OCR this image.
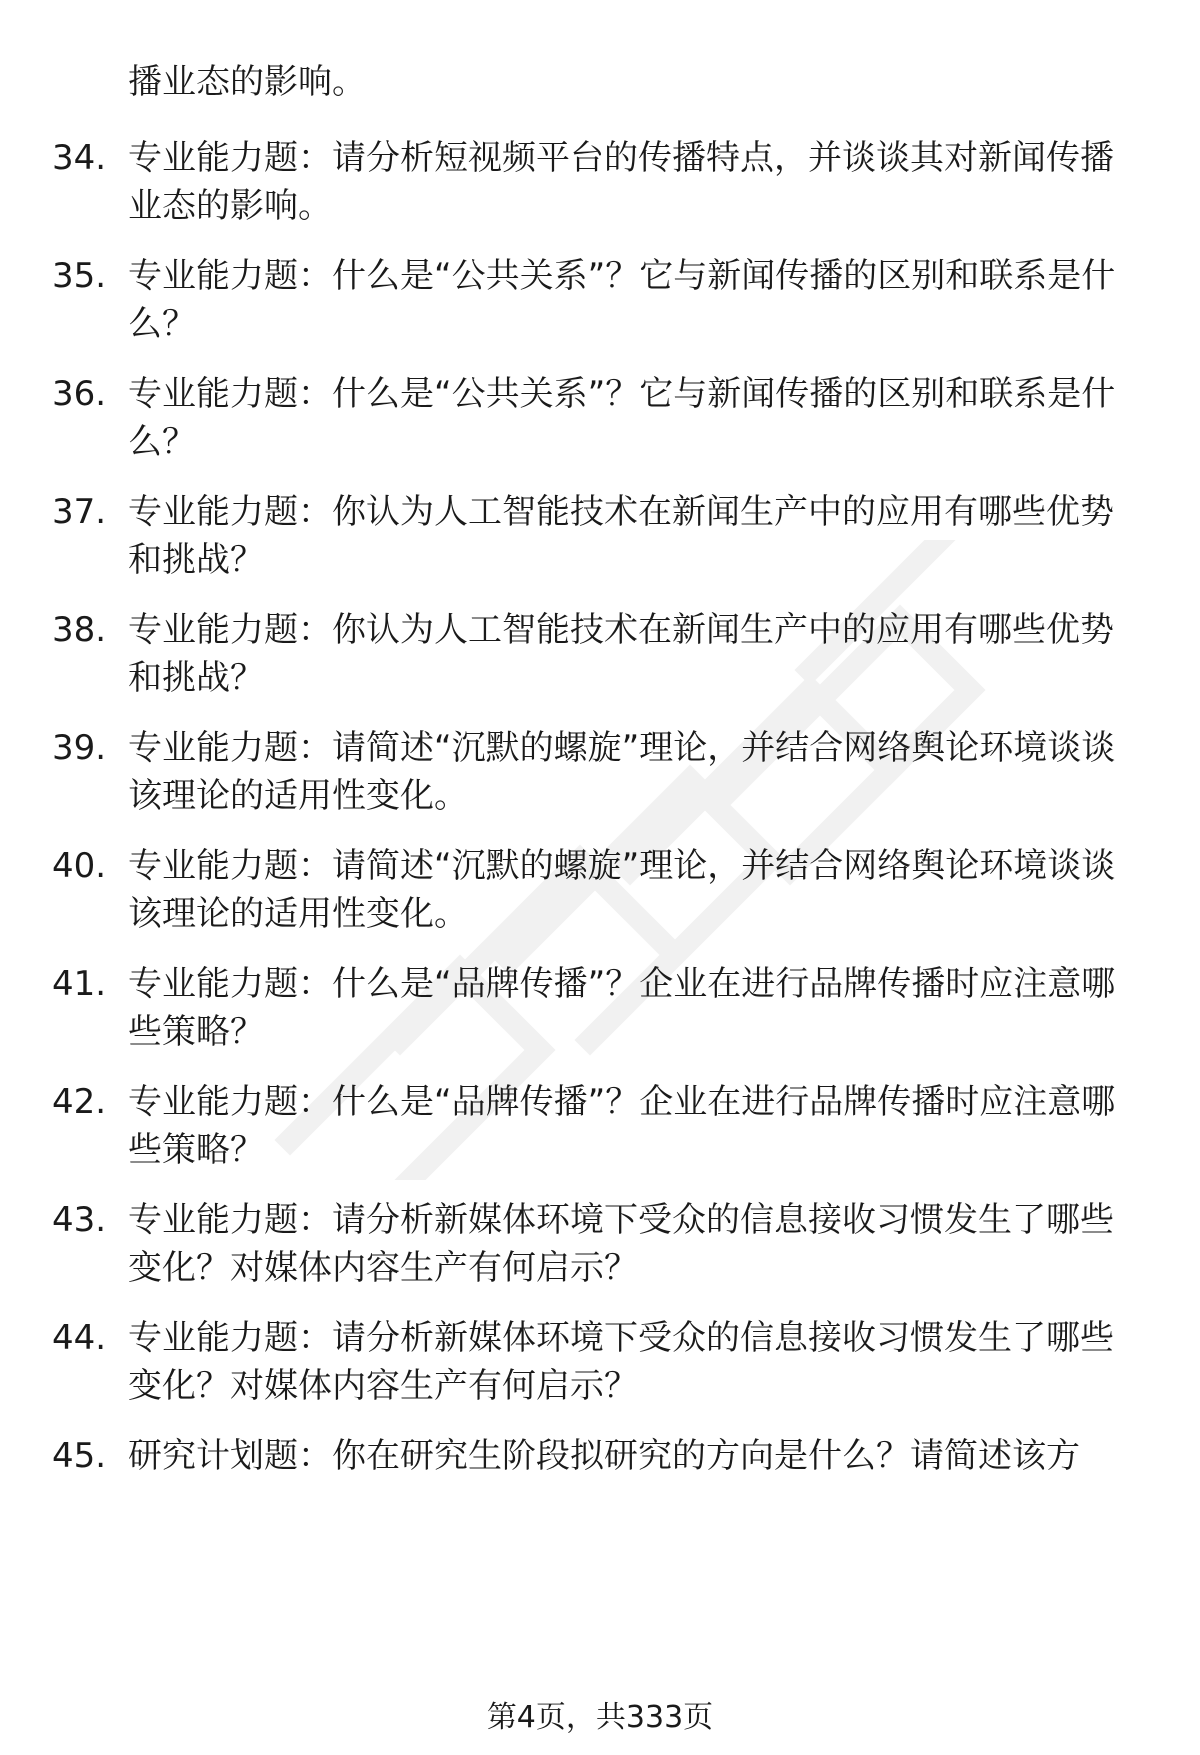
播业态的影响。
34. 专业能力题：请分析短视频平台的传播特点，并谈谈其对新闻传播业态的影响。
35. 专业能力题：什么是“公共关系”？它与新闻传播的区别和联系是什么？
36. 专业能力题：什么是“公共关系”？它与新闻传播的区别和联系是什么？
37. 专业能力题：你认为人工智能技术在新闻生产中的应用有哪些优势和挑战？
38. 专业能力题：你认为人工智能技术在新闻生产中的应用有哪些优势和挑战？
39. 专业能力题：请简述“沉默的螺旋”理论，并结合网络舆论环境谈谈该理论的适用性变化。
40. 专业能力题：请简述“沉默的螺旋”理论，并结合网络舆论环境谈谈该理论的适用性变化。
41. 专业能力题：什么是“品牌传播”？企业在进行品牌传播时应注意哪些策略？
42. 专业能力题：什么是“品牌传播”？企业在进行品牌传播时应注意哪些策略？
43. 专业能力题：请分析新媒体环境下受众的信息接收习惯发生了哪些变化？对媒体内容生产有何启示？
44. 专业能力题：请分析新媒体环境下受众的信息接收习惯发生了哪些变化？对媒体内容生产有何启示？
45. 研究计划题：你在研究生阶段拟研究的方向是什么？请简述该方
第4页，共333页
